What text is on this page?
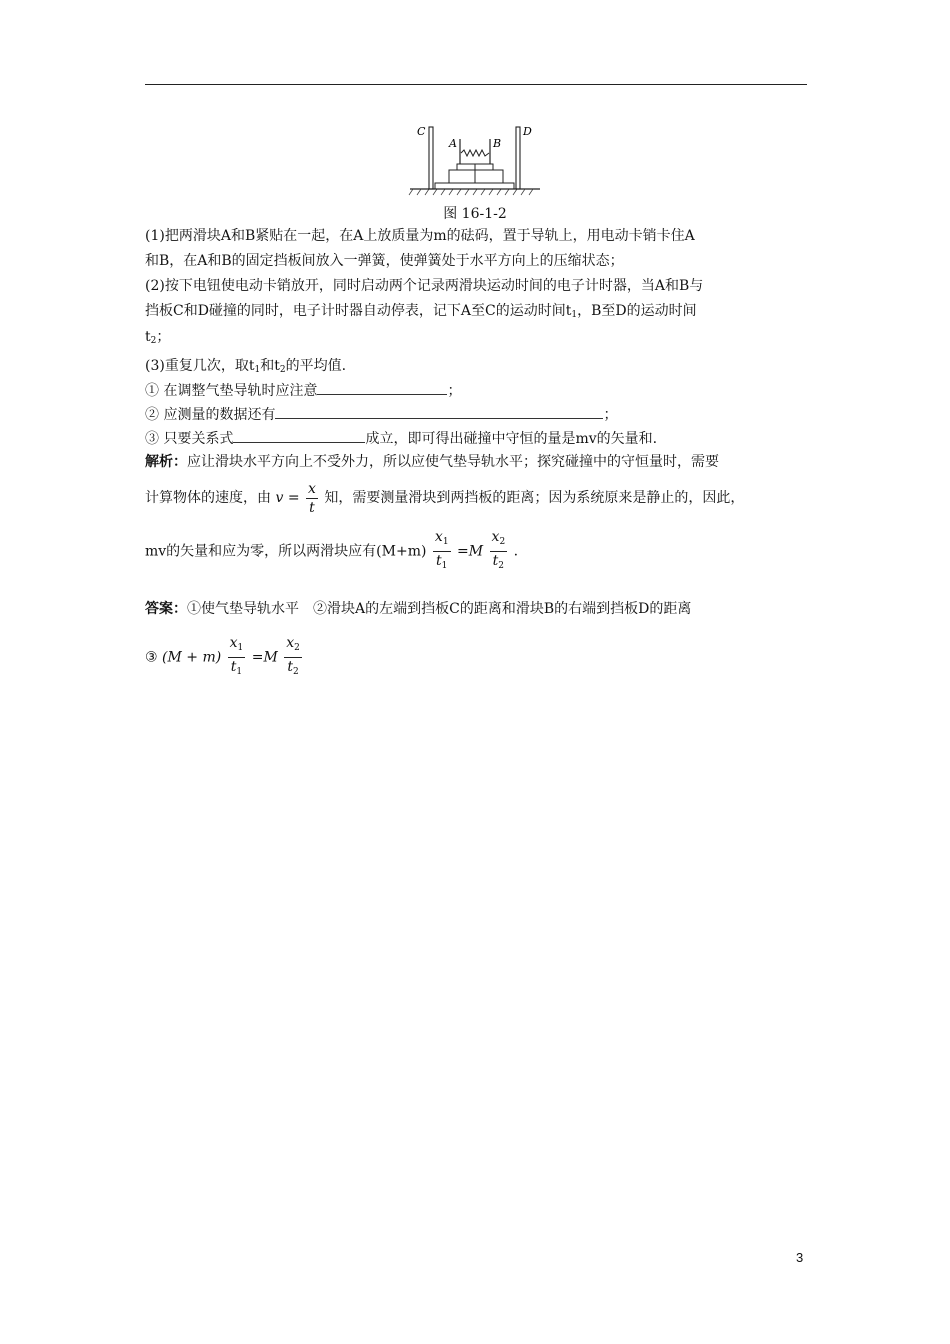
C
A	B
D
图 16-1-2
(1)把两滑块A和B紧贴在一起，在A上放质量为m的砝码，置于导轨上，用电动卡销卡住A
和B，在A和B的固定挡板间放入一弹簧，使弹簧处于水平方向上的压缩状态；
(2)按下电钮使电动卡销放开，同时启动两个记录两滑块运动时间的电子计时器，当A和B与
挡板C和D碰撞的同时，电子计时器自动停表，记下A至C的运动时间t1，B至D的运动时间
t2；
(3)重复几次，取t1和t2的平均值.
① 在调整气垫导轨时应注意	；
② 应测量的数据还有	；
③ 只要关系式	成立，即可得出碰撞中守恒的量是mv的矢量和.
解析：应让滑块水平方向上不受外力，所以应使气垫导轨水平；探究碰撞中的守恒量时，需要
计算物体的速度，由 $v = \frac{x}{t}$ 知，需要测量滑块到两挡板的距离；因为系统原来是静止的，因此，
mv的矢量和应为零，所以两滑块应有$(M+m) \frac{x_1}{t_1} =M \frac{x_2}{t_2}$ .
答案：①使气垫导轨水平　②滑块A的左端到挡板C的距离和滑块B的右端到挡板D的距离
③ $(M + m) \frac{x_1}{t_1} =M \frac{x_2}{t_2}$
3
